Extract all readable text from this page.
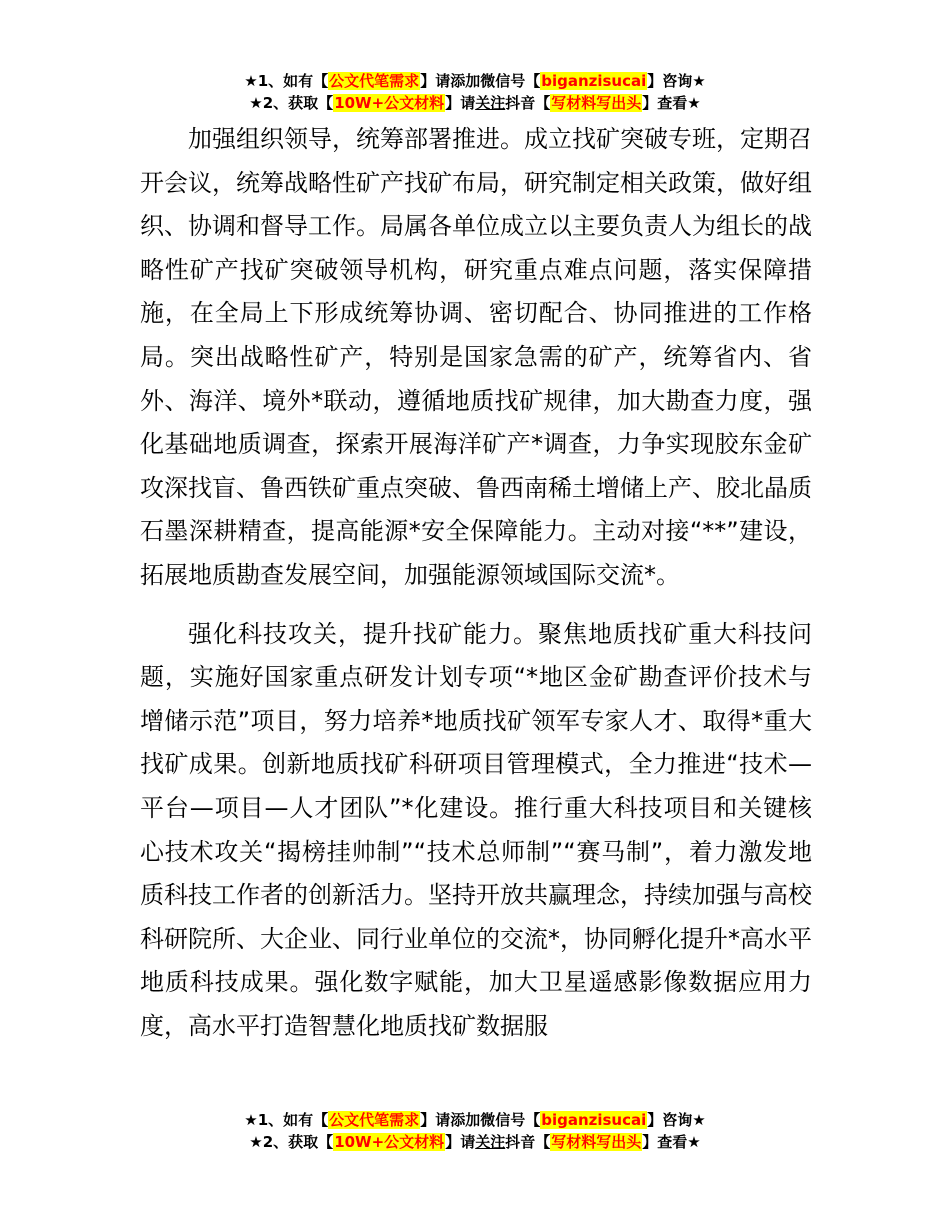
★1、如有【公文代笔需求】请添加微信号【biganzisucai】咨询★
★2、获取【10W+公文材料】请关注抖音【写材料写出头】查看★

加强组织领导，统筹部署推进。成立找矿突破专班，定期召开会议，统筹战略性矿产找矿布局，研究制定相关政策，做好组织、协调和督导工作。局属各单位成立以主要负责人为组长的战略性矿产找矿突破领导机构，研究重点难点问题，落实保障措施，在全局上下形成统筹协调、密切配合、协同推进的工作格局。突出战略性矿产，特别是国家急需的矿产，统筹省内、省外、海洋、境外*联动，遵循地质找矿规律，加大勘查力度，强化基础地质调查，探索开展海洋矿产*调查，力争实现胶东金矿攻深找盲、鲁西铁矿重点突破、鲁西南稀土增储上产、胶北晶质石墨深耕精查，提高能源*安全保障能力。主动对接“**”建设，拓展地质勘查发展空间，加强能源领域国际交流*。

强化科技攻关，提升找矿能力。聚焦地质找矿重大科技问题，实施好国家重点研发计划专项“*地区金矿勘查评价技术与增储示范”项目，努力培养*地质找矿领军专家人才、取得*重大找矿成果。创新地质找矿科研项目管理模式，全力推进“技术—平台—项目—人才团队”*化建设。推行重大科技项目和关键核心技术攻关“揭榜挂帅制”“技术总师制”“赛马制”，着力激发地质科技工作者的创新活力。坚持开放共赢理念，持续加强与高校科研院所、大企业、同行业单位的交流*，协同孵化提升*高水平地质科技成果。强化数字赋能，加大卫星遥感影像数据应用力度，高水平打造智慧化地质找矿数据服

★1、如有【公文代笔需求】请添加微信号【biganzisucai】咨询★
★2、获取【10W+公文材料】请关注抖音【写材料写出头】查看★
